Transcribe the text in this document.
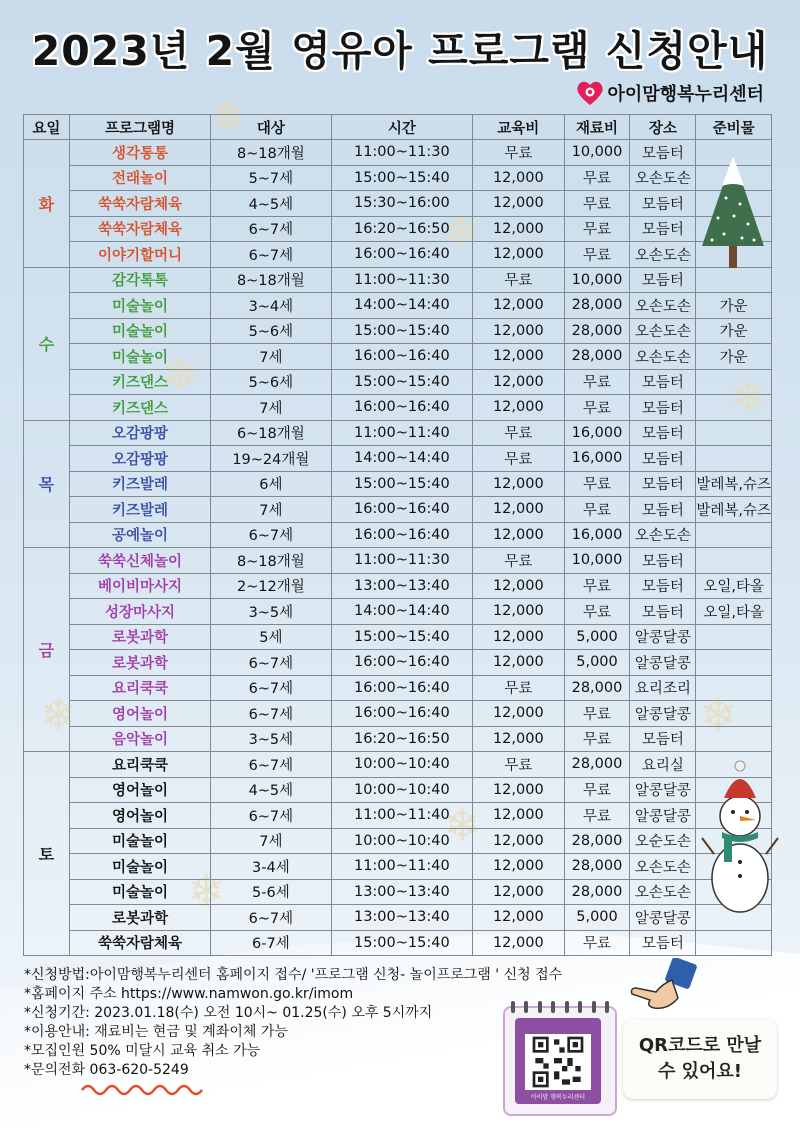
2023년 2월 영유아 프로그램 신청안내
아이맘행복누리센터
❄
❄
❄	❄
❄	❄
❄
❄
요일	프로그램명	대상	시간	교육비	재료비	장소	준비물
화	생각통통	8~18개월	11:00~11:30	무료	10,000	모듬터	
	전래놀이	5~7세	15:00~15:40	12,000	무료	오손도손	
	쑥쑥자람체육	4~5세	15:30~16:00	12,000	무료	모듬터	
	쑥쑥자람체육	6~7세	16:20~16:50	12,000	무료	모듬터	
	이야기할머니	6~7세	16:00~16:40	12,000	무료	오손도손	
수	감각톡톡	8~18개월	11:00~11:30	무료	10,000	모듬터	
	미술놀이	3~4세	14:00~14:40	12,000	28,000	오손도손	가운
	미술놀이	5~6세	15:00~15:40	12,000	28,000	오손도손	가운
	미술놀이	7세	16:00~16:40	12,000	28,000	오손도손	가운
	키즈댄스	5~6세	15:00~15:40	12,000	무료	모듬터	
	키즈댄스	7세	16:00~16:40	12,000	무료	모듬터	
목	오감팡팡	6~18개월	11:00~11:40	무료	16,000	모듬터	
	오감팡팡	19~24개월	14:00~14:40	무료	16,000	모듬터	
	키즈발레	6세	15:00~15:40	12,000	무료	모듬터	발레복,슈즈
	키즈발레	7세	16:00~16:40	12,000	무료	모듬터	발레복,슈즈
	공예놀이	6~7세	16:00~16:40	12,000	16,000	오손도손	
금	쑥쑥신체놀이	8~18개월	11:00~11:30	무료	10,000	모듬터	
	베이비마사지	2~12개월	13:00~13:40	12,000	무료	모듬터	오일,타올
	성장마사지	3~5세	14:00~14:40	12,000	무료	모듬터	오일,타올
	로봇과학	5세	15:00~15:40	12,000	5,000	알콩달콩	
	로봇과학	6~7세	16:00~16:40	12,000	5,000	알콩달콩	
	요리쿡쿡	6~7세	16:00~16:40	무료	28,000	요리조리	
	영어놀이	6~7세	16:00~16:40	12,000	무료	알콩달콩	
	음악놀이	3~5세	16:20~16:50	12,000	무료	모듬터	
토	요리쿡쿡	6~7세	10:00~10:40	무료	28,000	요리실	
	영어놀이	4~5세	10:00~10:40	12,000	무료	알콩달콩	
	영어놀이	6~7세	11:00~11:40	12,000	무료	알콩달콩	
	미술놀이	7세	10:00~10:40	12,000	28,000	오순도손	
	미술놀이	3-4세	11:00~11:40	12,000	28,000	오손도손	
	미술놀이	5-6세	13:00~13:40	12,000	28,000	오손도손	
	로봇과학	6~7세	13:00~13:40	12,000	5,000	알콩달콩	
	쑥쑥자람체육	6-7세	15:00~15:40	12,000	무료	모듬터	
*신청방법:아이맘행복누리센터 홈페이지 접수/ '프로그램 신청- 놀이프로그램 ' 신청 접수
*홈페이지 주소 https://www.namwon.go.kr/imom
*신청기간: 2023.01.18(수) 오전 10시~ 01.25(수) 오후 5시까지
*이용안내: 재료비는 현금 및 계좌이체 가능
*모집인원 50% 미달시 교육 취소 가능
*문의전화 063-620-5249
아이맘 행복누리센터
QR코드로 만날
수 있어요!
